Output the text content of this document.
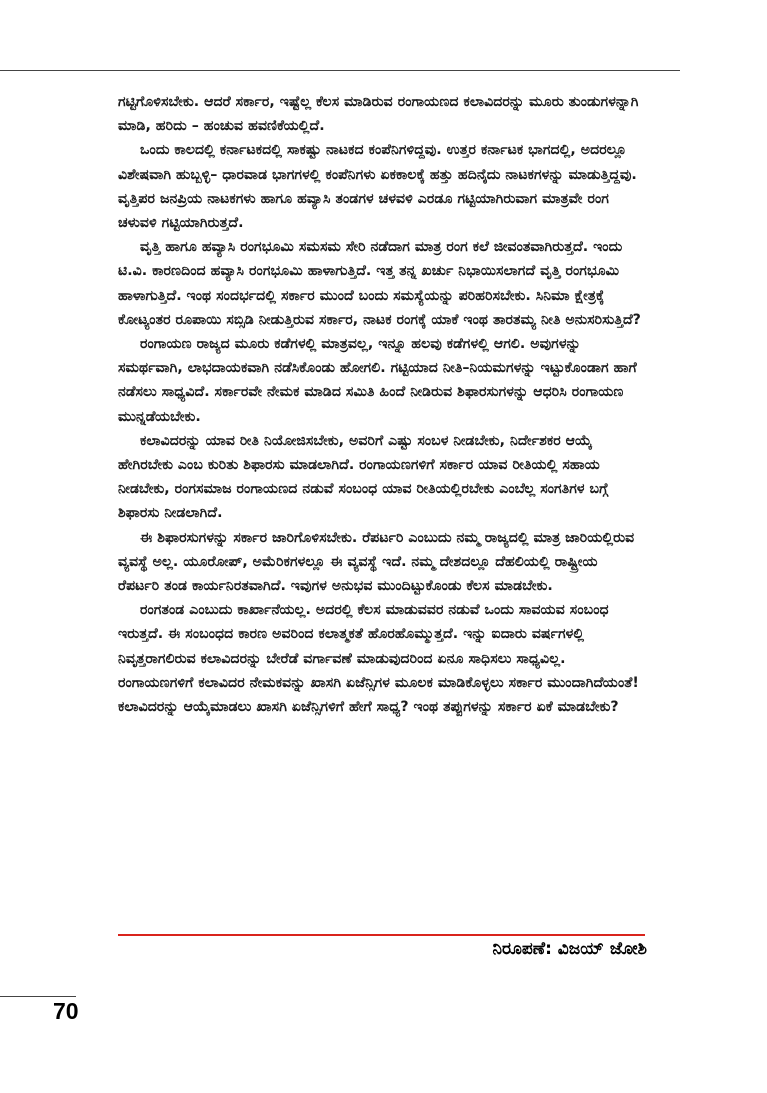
ಗಟ್ಟಿಗೊಳಿಸಬೇಕು. ಆದರೆ ಸರ್ಕಾರ, ಇಷ್ಟೆಲ್ಲ ಕೆಲಸ ಮಾಡಿರುವ ರಂಗಾಯಣದ ಕಲಾವಿದರನ್ನು ಮೂರು ತುಂಡುಗಳನ್ನಾಗಿ ಮಾಡಿ, ಹರಿದು – ಹಂಚುವ ಹವಣಿಕೆಯಲ್ಲಿದೆ.

ಒಂದು ಕಾಲದಲ್ಲಿ ಕರ್ನಾಟಕದಲ್ಲಿ ಸಾಕಷ್ಟು ನಾಟಕದ ಕಂಪೆನಿಗಳಿದ್ದವು. ಉತ್ತರ ಕರ್ನಾಟಕ ಭಾಗದಲ್ಲಿ, ಅದರಲ್ಲೂ ವಿಶೇಷವಾಗಿ ಹುಬ್ಬಳ್ಳಿ– ಧಾರವಾಡ ಭಾಗಗಳಲ್ಲಿ ಕಂಪೆನಿಗಳು ಏಕಕಾಲಕ್ಕೆ ಹತ್ತು ಹದಿನೈದು ನಾಟಕಗಳನ್ನು ಮಾಡುತ್ತಿದ್ದವು. ವೃತ್ತಿಪರ ಜನಪ್ರಿಯ ನಾಟಕಗಳು ಹಾಗೂ ಹವ್ಯಾಸಿ ತಂಡಗಳ ಚಳವಳಿ ಎರಡೂ ಗಟ್ಟಿಯಾಗಿರುವಾಗ ಮಾತ್ರವೇ ರಂಗ ಚಳುವಳಿ ಗಟ್ಟಿಯಾಗಿರುತ್ತದೆ.

ವೃತ್ತಿ ಹಾಗೂ ಹವ್ಯಾಸಿ ರಂಗಭೂಮಿ ಸಮಸಮ ಸೇರಿ ನಡೆದಾಗ ಮಾತ್ರ ರಂಗ ಕಲೆ ಜೀವಂತವಾಗಿರುತ್ತದೆ. ಇಂದು ಟಿ.ವಿ. ಕಾರಣದಿಂದ ಹವ್ಯಾಸಿ ರಂಗಭೂಮಿ ಹಾಳಾಗುತ್ತಿದೆ. ಇತ್ತ ತನ್ನ ಖರ್ಚು ನಿಭಾಯಿಸಲಾಗದೆ ವೃತ್ತಿ ರಂಗಭೂಮಿ ಹಾಳಾಗುತ್ತಿದೆ. ಇಂಥ ಸಂದರ್ಭದಲ್ಲಿ ಸರ್ಕಾರ ಮುಂದೆ ಬಂದು ಸಮಸ್ಯೆಯನ್ನು ಪರಿಹರಿಸಬೇಕು. ಸಿನಿಮಾ ಕ್ಷೇತ್ರಕ್ಕೆ ಕೋಟ್ಯಂತರ ರೂಪಾಯಿ ಸಬ್ಸಿಡಿ ನೀಡುತ್ತಿರುವ ಸರ್ಕಾರ, ನಾಟಕ ರಂಗಕ್ಕೆ ಯಾಕೆ ಇಂಥ ತಾರತಮ್ಯ ನೀತಿ ಅನುಸರಿಸುತ್ತಿದೆ?

ರಂಗಾಯಣ ರಾಜ್ಯದ ಮೂರು ಕಡೆಗಳಲ್ಲಿ ಮಾತ್ರವಲ್ಲ, ಇನ್ನೂ ಹಲವು ಕಡೆಗಳಲ್ಲಿ ಆಗಲಿ. ಅವುಗಳನ್ನು ಸಮರ್ಥವಾಗಿ, ಲಾಭದಾಯಕವಾಗಿ ನಡೆಸಿಕೊಂಡು ಹೋಗಲಿ. ಗಟ್ಟಿಯಾದ ನೀತಿ–ನಿಯಮಗಳನ್ನು ಇಟ್ಟುಕೊಂಡಾಗ ಹಾಗೆ ನಡೆಸಲು ಸಾಧ್ಯವಿದೆ. ಸರ್ಕಾರವೇ ನೇಮಕ ಮಾಡಿದ ಸಮಿತಿ ಹಿಂದೆ ನೀಡಿರುವ ಶಿಫಾರಸುಗಳನ್ನು ಆಧರಿಸಿ ರಂಗಾಯಣ ಮುನ್ನಡೆಯಬೇಕು.

ಕಲಾವಿದರನ್ನು ಯಾವ ರೀತಿ ನಿಯೋಜಿಸಬೇಕು, ಅವರಿಗೆ ಎಷ್ಟು ಸಂಬಳ ನೀಡಬೇಕು, ನಿರ್ದೇಶಕರ ಆಯ್ಕೆ ಹೇಗಿರಬೇಕು ಎಂಬ ಕುರಿತು ಶಿಫಾರಸು ಮಾಡಲಾಗಿದೆ. ರಂಗಾಯಣಗಳಿಗೆ ಸರ್ಕಾರ ಯಾವ ರೀತಿಯಲ್ಲಿ ಸಹಾಯ ನೀಡಬೇಕು, ರಂಗಸಮಾಜ ರಂಗಾಯಣದ ನಡುವೆ ಸಂಬಂಧ ಯಾವ ರೀತಿಯಲ್ಲಿರಬೇಕು ಎಂಬೆಲ್ಲ ಸಂಗತಿಗಳ ಬಗ್ಗೆ ಶಿಫಾರಸು ನೀಡಲಾಗಿದೆ.

ಈ ಶಿಫಾರಸುಗಳನ್ನು ಸರ್ಕಾರ ಜಾರಿಗೊಳಿಸಬೇಕು. ರೆಪರ್ಟರಿ ಎಂಬುದು ನಮ್ಮ ರಾಜ್ಯದಲ್ಲಿ ಮಾತ್ರ ಜಾರಿಯಲ್ಲಿರುವ ವ್ಯವಸ್ಥೆ ಅಲ್ಲ. ಯೂರೋಪ್, ಅಮೆರಿಕಗಳಲ್ಲೂ ಈ ವ್ಯವಸ್ಥೆ ಇದೆ. ನಮ್ಮ ದೇಶದಲ್ಲೂ ದೆಹಲಿಯಲ್ಲಿ ರಾಷ್ಟ್ರೀಯ ರೆಪರ್ಟರಿ ತಂಡ ಕಾರ್ಯನಿರತವಾಗಿದೆ. ಇವುಗಳ ಅನುಭವ ಮುಂದಿಟ್ಟುಕೊಂಡು ಕೆಲಸ ಮಾಡಬೇಕು.

ರಂಗತಂಡ ಎಂಬುದು ಕಾರ್ಖಾನೆಯಲ್ಲ. ಅದರಲ್ಲಿ ಕೆಲಸ ಮಾಡುವವರ ನಡುವೆ ಒಂದು ಸಾವಯವ ಸಂಬಂಧ ಇರುತ್ತದೆ. ಈ ಸಂಬಂಧದ ಕಾರಣ ಅವರಿಂದ ಕಲಾತ್ಮಕತೆ ಹೊರಹೊಮ್ಮುತ್ತದೆ. ಇನ್ನು ಐದಾರು ವರ್ಷಗಳಲ್ಲಿ ನಿವೃತ್ತರಾಗಲಿರುವ ಕಲಾವಿದರನ್ನು ಬೇರೆಡೆ ವರ್ಗಾವಣೆ ಮಾಡುವುದರಿಂದ ಏನೂ ಸಾಧಿಸಲು ಸಾಧ್ಯವಿಲ್ಲ. ರಂಗಾಯಣಗಳಿಗೆ ಕಲಾವಿದರ ನೇಮಕವನ್ನು ಖಾಸಗಿ ಏಜೆನ್ಸಿಗಳ ಮೂಲಕ ಮಾಡಿಕೊಳ್ಳಲು ಸರ್ಕಾರ ಮುಂದಾಗಿದೆಯಂತೆ! ಕಲಾವಿದರನ್ನು ಆಯ್ಕೆಮಾಡಲು ಖಾಸಗಿ ಏಜೆನ್ಸಿಗಳಿಗೆ ಹೇಗೆ ಸಾಧ್ಯ? ಇಂಥ ತಪ್ಪುಗಳನ್ನು ಸರ್ಕಾರ ಏಕೆ ಮಾಡಬೇಕು?

ನಿರೂಪಣೆ: ವಿಜಯ್ ಜೋಶಿ
70
